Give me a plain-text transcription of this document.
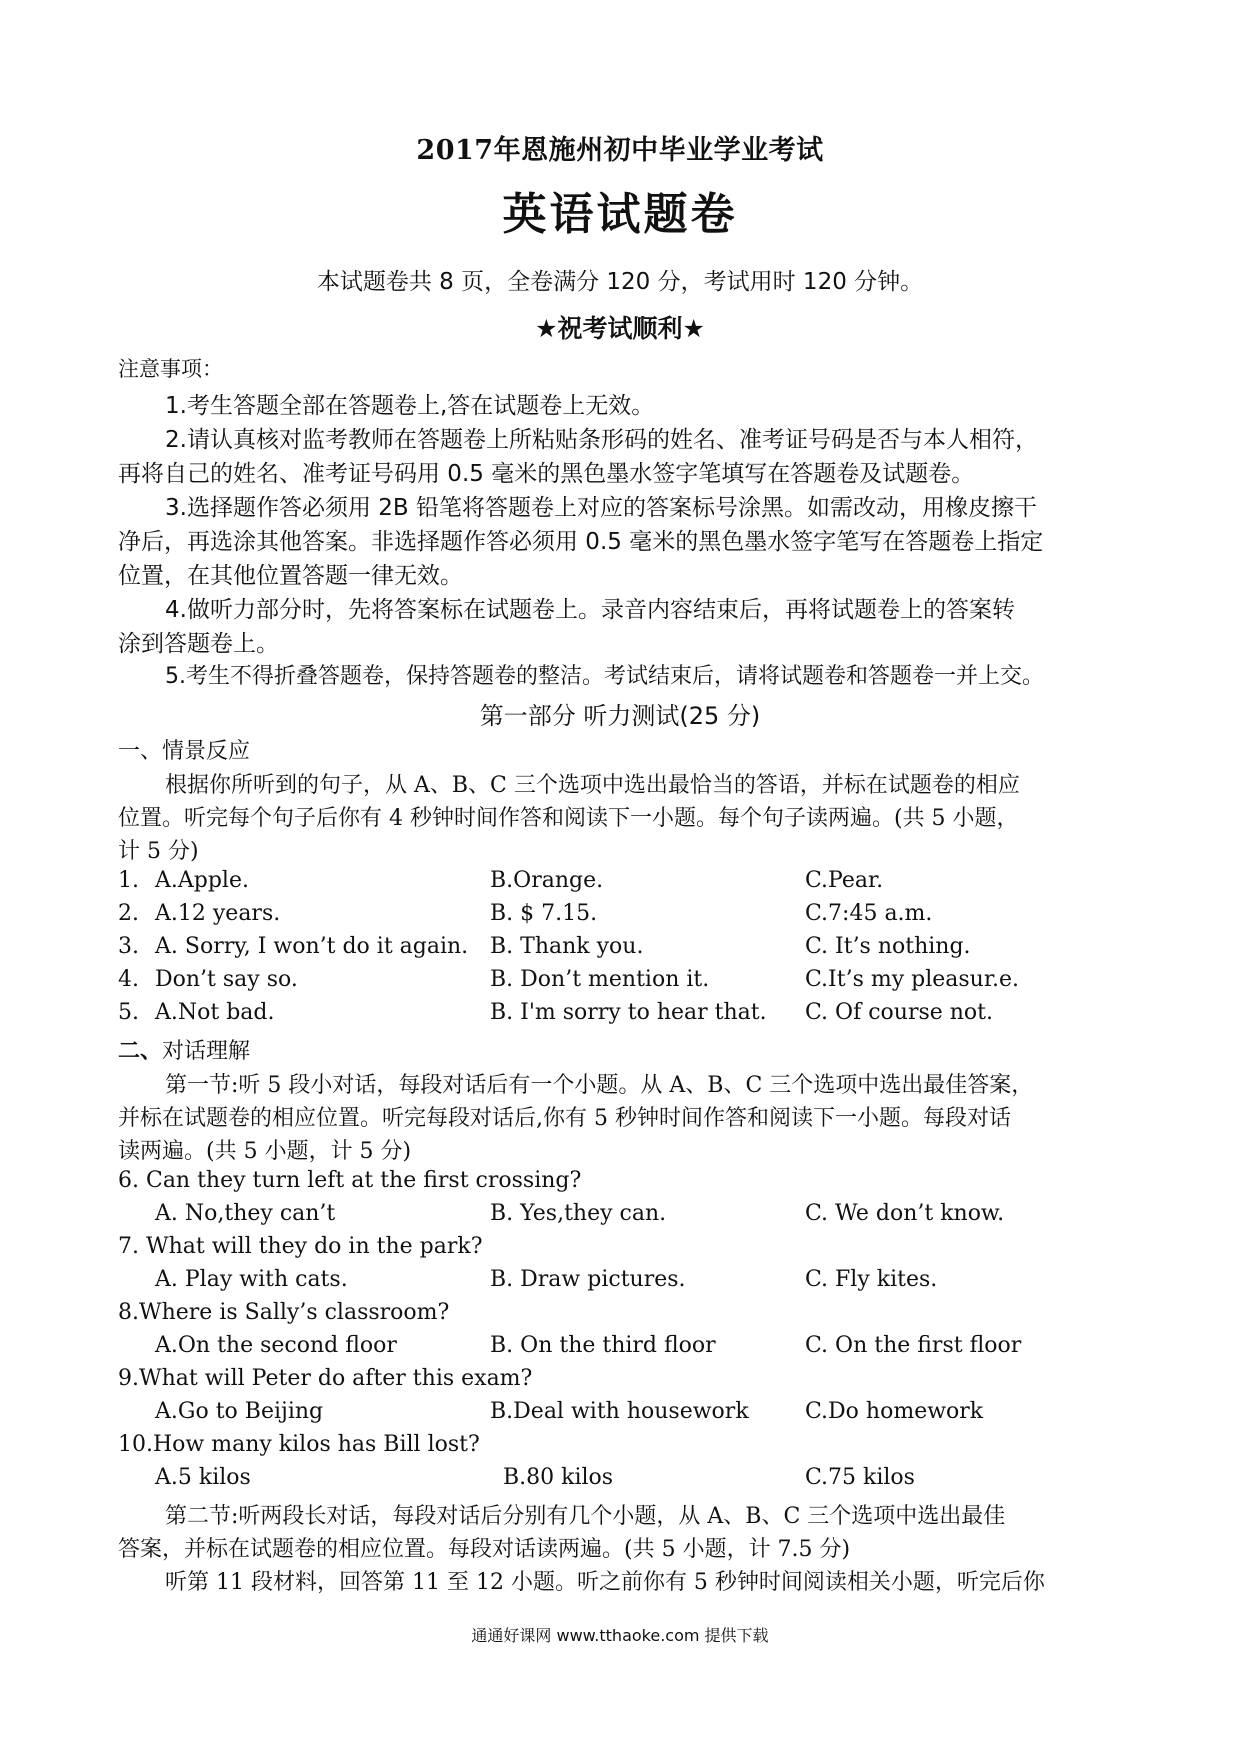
2017年恩施州初中毕业学业考试
英语试题卷
本试题卷共 8 页，全卷满分 120 分，考试用时 120 分钟。
★祝考试顺利★
注意事项：
1.考生答题全部在答题卷上,答在试题卷上无效。
2.请认真核对监考教师在答题卷上所粘贴条形码的姓名、准考证号码是否与本人相符，
再将自己的姓名、准考证号码用 0.5 毫米的黑色墨水签字笔填写在答题卷及试题卷。
3.选择题作答必须用 2B 铅笔将答题卷上对应的答案标号涂黑。如需改动，用橡皮擦干
净后，再选涂其他答案。非选择题作答必须用 0.5 毫米的黑色墨水签字笔写在答题卷上指定
位置，在其他位置答题一律无效。
4.做听力部分时，先将答案标在试题卷上。录音内容结束后，再将试题卷上的答案转
涂到答题卷上。
5.考生不得折叠答题卷，保持答题卷的整洁。考试结束后，请将试题卷和答题卷一并上交。
第一部分 听力测试(25 分)
一、情景反应
根据你所听到的句子，从 A、B、C 三个选项中选出最恰当的答语，并标在试题卷的相应
位置。听完每个句子后你有 4 秒钟时间作答和阅读下一小题。每个句子读两遍。(共 5 小题，
计 5 分)
1. A.Apple.	B.Orange.	C.Pear.
2. A.12 years.	B. $ 7.15.	C.7:45 a.m.
3. A. Sorry, I won’t do it again. B. Thank you.	C. It’s nothing.
4. Don’t say so.	B. Don’t mention it.	C.It’s my pleasur.e.
5. A.Not bad.	B. I'm sorry to hear that. C. Of course not.
二、对话理解
第一节:听 5 段小对话，每段对话后有一个小题。从 A、B、C 三个选项中选出最佳答案，
并标在试题卷的相应位置。听完每段对话后,你有 5 秒钟时间作答和阅读下一小题。每段对话
读两遍。(共 5 小题，计 5 分)
6. Can they turn left at the first crossing?
A. No,they can’t	B. Yes,they can.	C. We don’t know.
7. What will they do in the park?
A. Play with cats.	B. Draw pictures.	C. Fly kites.
8.Where is Sally’s classroom?
A.On the second floor	B. On the third floor	C. On the first floor
9.What will Peter do after this exam?
A.Go to Beijing	B.Deal with housework	C.Do homework
10.How many kilos has Bill lost?
A.5 kilos	B.80 kilos	C.75 kilos
第二节:听两段长对话，每段对话后分别有几个小题，从 A、B、C 三个选项中选出最佳
答案，并标在试题卷的相应位置。每段对话读两遍。(共 5 小题，计 7.5 分)
听第 11 段材料，回答第 11 至 12 小题。听之前你有 5 秒钟时间阅读相关小题，听完后你
通通好课网 www.tthaoke.com 提供下载
